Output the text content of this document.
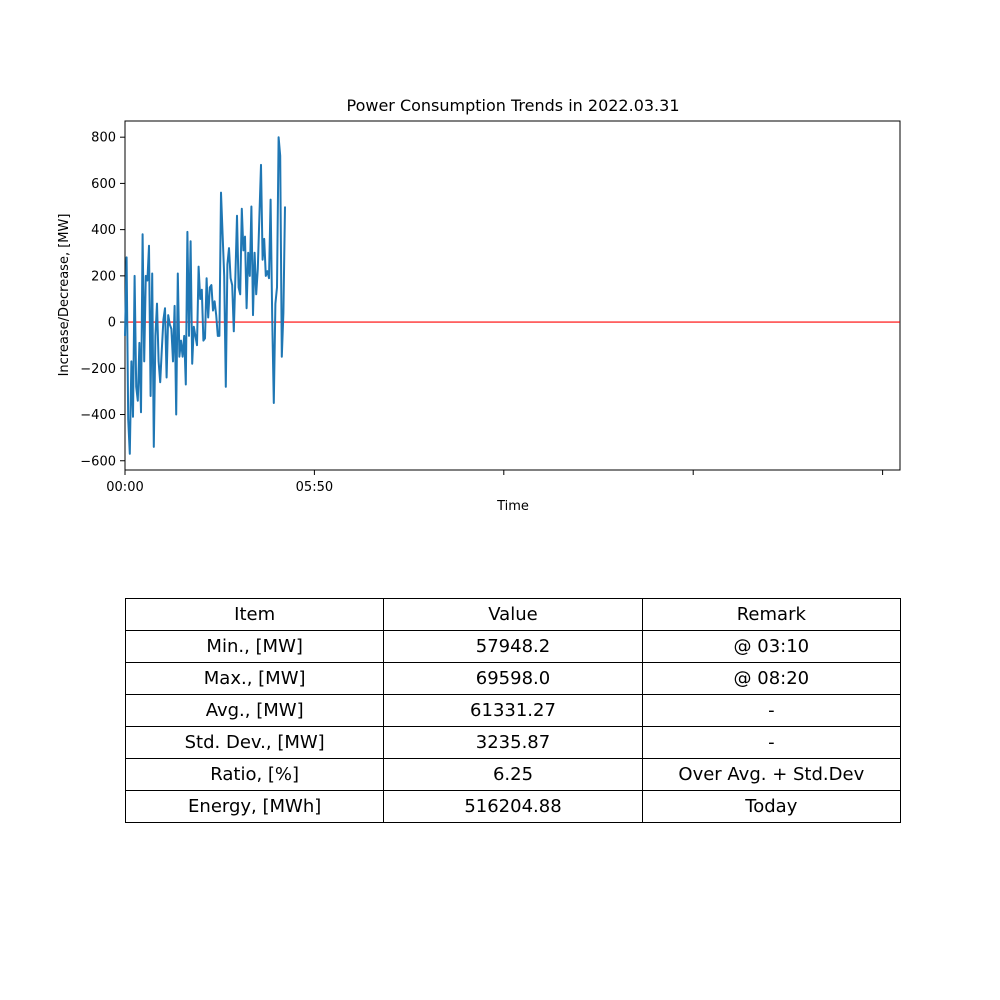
Power Consumption Trends in 2022.03.31
Time
Increase/Decrease, [MW]
−600
−400
−200
0
200
400
600
800
00:00	05:50
Item	Value	Remark
Min., [MW]	57948.2	@ 03:10
Max., [MW]	69598.0	@ 08:20
Avg., [MW]	61331.27	-
Std. Dev., [MW]	3235.87	-
Ratio, [%]	6.25	Over Avg. + Std.Dev
Energy, [MWh]	516204.88	Today
